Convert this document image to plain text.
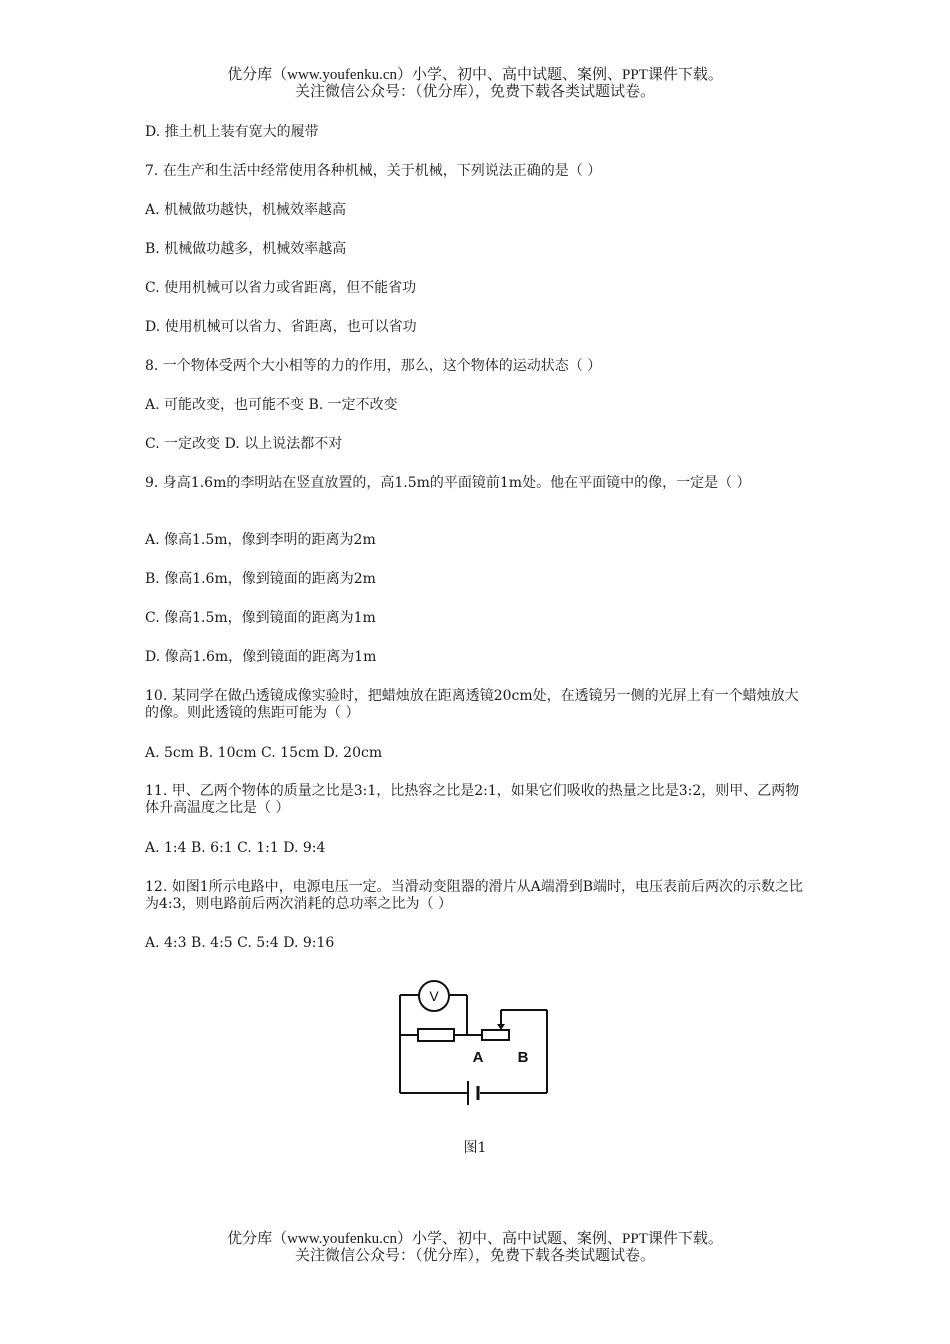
优分库（www.youfenku.cn）小学、初中、高中试题、案例、PPT课件下载。
关注微信公众号：（优分库），免费下载各类试题试卷。
D. 推土机上装有宽大的履带
7. 在生产和生活中经常使用各种机械，关于机械，下列说法正确的是（ ）
A. 机械做功越快，机械效率越高
B. 机械做功越多，机械效率越高
C. 使用机械可以省力或省距离，但不能省功
D. 使用机械可以省力、省距离，也可以省功
8. 一个物体受两个大小相等的力的作用，那么，这个物体的运动状态（ ）
A. 可能改变，也可能不变 B. 一定不改变
C. 一定改变 D. 以上说法都不对
9. 身高1.6m的李明站在竖直放置的，高1.5m的平面镜前1m处。他在平面镜中的像，一定是（ ）
A. 像高1.5m，像到李明的距离为2m
B. 像高1.6m，像到镜面的距离为2m
C. 像高1.5m，像到镜面的距离为1m
D. 像高1.6m，像到镜面的距离为1m
10. 某同学在做凸透镜成像实验时，把蜡烛放在距离透镜20cm处，在透镜另一侧的光屏上有一个蜡烛放大的像。则此透镜的焦距可能为（ ）
A. 5cm B. 10cm C. 15cm D. 20cm
11. 甲、乙两个物体的质量之比是3:1，比热容之比是2:1，如果它们吸收的热量之比是3:2，则甲、乙两物体升高温度之比是（ ）
A. 1:4 B. 6:1 C. 1:1 D. 9:4
12. 如图1所示电路中，电源电压一定。当滑动变阻器的滑片从A端滑到B端时，电压表前后两次的示数之比为4:3，则电路前后两次消耗的总功率之比为（ ）
A. 4:3 B. 4:5 C. 5:4 D. 9:16
V
A B
图1
优分库（www.youfenku.cn）小学、初中、高中试题、案例、PPT课件下载。
关注微信公众号：（优分库），免费下载各类试题试卷。
